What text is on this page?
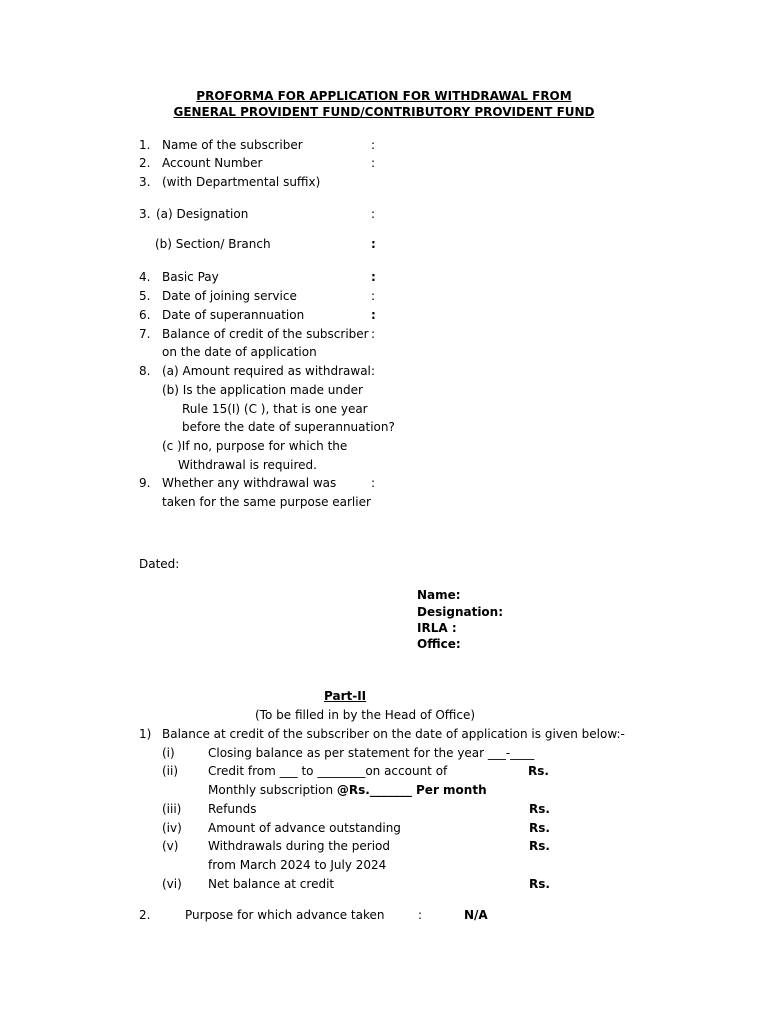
PROFORMA FOR APPLICATION FOR WITHDRAWAL FROM
GENERAL PROVIDENT FUND/CONTRIBUTORY PROVIDENT FUND
1. Name of the subscriber	:
2. Account Number	:
3. (with Departmental suffix)
3. (a) Designation	:
(b) Section/ Branch	:
4. Basic Pay	:
5. Date of joining service	:
6. Date of superannuation	:
7. Balance of credit of the subscriber :
on the date of application
8. (a) Amount required as withdrawal :
(b) Is the application made under
Rule 15(I) (C ), that is one year
before the date of superannuation?
(c )If no, purpose for which the
Withdrawal is required.
9. Whether any withdrawal was	:
taken for the same purpose earlier
Dated:
Name:
Designation:
IRLA :
Office:
Part-II
(To be filled in by the Head of Office)
1) Balance at credit of the subscriber on the date of application is given below:-
(i)	Closing balance as per statement for the year ___-____
(ii) Credit from ___ to ________on account of	Rs.
Monthly subscription @Rs._______ Per month
(iii) Refunds	Rs.
(iv) Amount of advance outstanding	Rs.
(v) Withdrawals during the period	Rs.
from March 2024 to July 2024
(vi) Net balance at credit	Rs.
2.	Purpose for which advance taken	:	N/A
